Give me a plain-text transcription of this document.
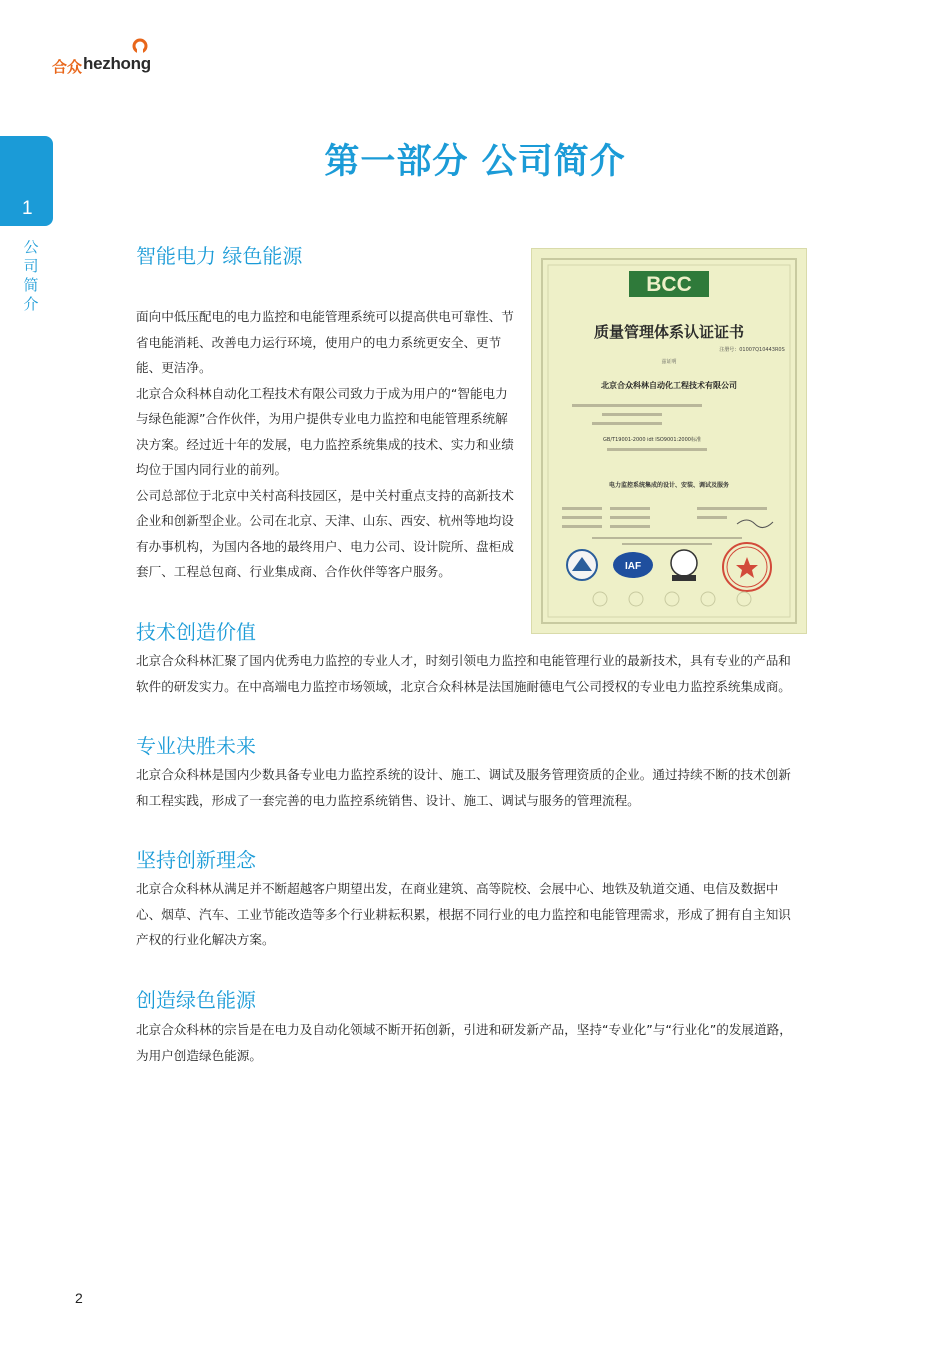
合众 hezhong
1
公司简介
第一部分 公司简介
智能电力 绿色能源

面向中低压配电的电力监控和电能管理系统可以提高供电可靠性、节省电能消耗、改善电力运行环境，使用户的电力系统更安全、更节能、更洁净。

北京合众科林自动化工程技术有限公司致力于成为用户的“智能电力与绿色能源”合作伙伴，为用户提供专业电力监控和电能管理系统解决方案。经过近十年的发展，电力监控系统集成的技术、实力和业绩均位于国内同行业的前列。

公司总部位于北京中关村高科技园区，是中关村重点支持的高新技术企业和创新型企业。公司在北京、天津、山东、西安、杭州等地均设有办事机构，为国内各地的最终用户、电力公司、设计院所、盘柜成套厂、工程总包商、行业集成商、合作伙伴等客户服务。

BCC
质量管理体系认证证书
注册号：01007Q10443R0S
兹证明
北京合众科林自动化工程技术有限公司
GB/T19001-2000 idt ISO9001:2000标准
电力监控系统集成的设计、安装、调试及服务
IAF
技术创造价值

北京合众科林汇聚了国内优秀电力监控的专业人才，时刻引领电力监控和电能管理行业的最新技术，具有专业的产品和软件的研发实力。在中高端电力监控市场领域，北京合众科林是法国施耐德电气公司授权的专业电力监控系统集成商。

专业决胜未来

北京合众科林是国内少数具备专业电力监控系统的设计、施工、调试及服务管理资质的企业。通过持续不断的技术创新和工程实践，形成了一套完善的电力监控系统销售、设计、施工、调试与服务的管理流程。

坚持创新理念

北京合众科林从满足并不断超越客户期望出发，在商业建筑、高等院校、会展中心、地铁及轨道交通、电信及数据中心、烟草、汽车、工业节能改造等多个行业耕耘积累，根据不同行业的电力监控和电能管理需求，形成了拥有自主知识产权的行业化解决方案。

创造绿色能源

北京合众科林的宗旨是在电力及自动化领域不断开拓创新，引进和研发新产品，坚持“专业化”与“行业化”的发展道路，为用户创造绿色能源。

2
